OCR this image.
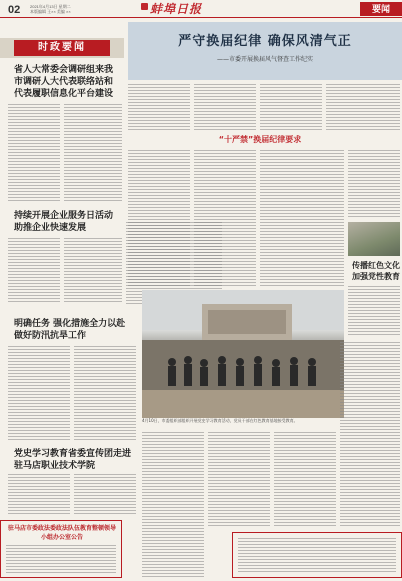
02 2021年4月13日 星期二
本版编辑 王×× 美编 ××	蚌埠日报	要闻
时政要闻
省人大常委会调研组来我市调研人大代表联络站和代表履职信息化平台建设
持续开展企业服务日活动助推企业快速发展
明确任务 强化措施全力以赴做好防汛抗旱工作
党史学习教育省委宣传团走进驻马店职业技术学院
严守换届纪律 确保风清气正
——市委开展换届风气督查工作纪实
“十严禁”换届纪律要求
4月10日，市委组织部组织开展党史学习教育活动，党员干部在红色教育基地接受教育。
传播红色文化加强党性教育
驻马店市委政法委政法队伍教育整顿领导小组办公室公告
